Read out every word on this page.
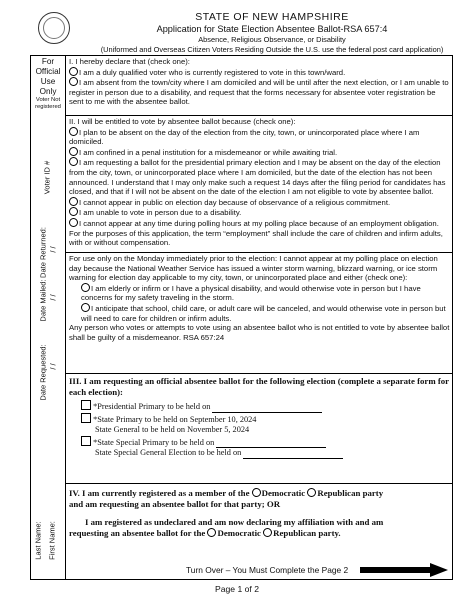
STATE OF NEW HAMPSHIRE
Application for State Election Absentee Ballot-RSA 657:4
Absence, Religious Observance, or Disability
(Uniformed and Overseas Citizen Voters Residing Outside the U.S. use the federal post card application)
For Official Use Only
Voter Not registered
Voter ID #
Date Returned: / /
Date Mailed: / /
Date Requested: / /
Last Name: First Name:
I. I hereby declare that (check one):
I am a duly qualified voter who is currently registered to vote in this town/ward.
I am absent from the town/city where I am domiciled and will be until after the next election, or I am unable to register in person due to a disability, and request that the forms necessary for absentee voter registration be sent to me with the absentee ballot.
II. I will be entitled to vote by absentee ballot because (check one):
I plan to be absent on the day of the election from the city, town, or unincorporated place where I am domiciled.
I am confined in a penal institution for a misdemeanor or while awaiting trial.
I am requesting a ballot for the presidential primary election and I may be absent on the day of the election from the city, town, or unincorporated place where I am domiciled, but the date of the election has not been announced. I understand that I may only make such a request 14 days after the filing period for candidates has closed, and that if I will not be absent on the date of the election I am not eligible to vote by absentee ballot.
I cannot appear in public on election day because of observance of a religious commitment.
I am unable to vote in person due to a disability.
I cannot appear at any time during polling hours at my polling place because of an employment obligation. For the purposes of this application, the term “employment” shall include the care of children and infirm adults, with or without compensation.
For use only on the Monday immediately prior to the election: I cannot appear at my polling place on election day because the National Weather Service has issued a winter storm warning, blizzard warning, or ice storm warning for election day applicable to my city, town, or unincorporated place and either (check one):
I am elderly or infirm or I have a physical disability, and would otherwise vote in person but I have concerns for my safety traveling in the storm.
I anticipate that school, child care, or adult care will be canceled, and would otherwise vote in person but will need to care for children or infirm adults.
Any person who votes or attempts to vote using an absentee ballot who is not entitled to vote by absentee ballot shall be guilty of a misdemeanor. RSA 657:24
III. I am requesting an official absentee ballot for the following election (complete a separate form for each election):
*Presidential Primary to be held on
*State Primary to be held on September 10, 2024
State General to be held on November 5, 2024
*State Special Primary to be held on
State Special General Election to be held on
IV. I am currently registered as a member of the Democratic Republican party
and am requesting an absentee ballot for that party; OR
I am registered as undeclared and am now declaring my affiliation with and am
requesting an absentee ballot for the Democratic Republican party.
Turn Over – You Must Complete the Page 2
Page 1 of 2
